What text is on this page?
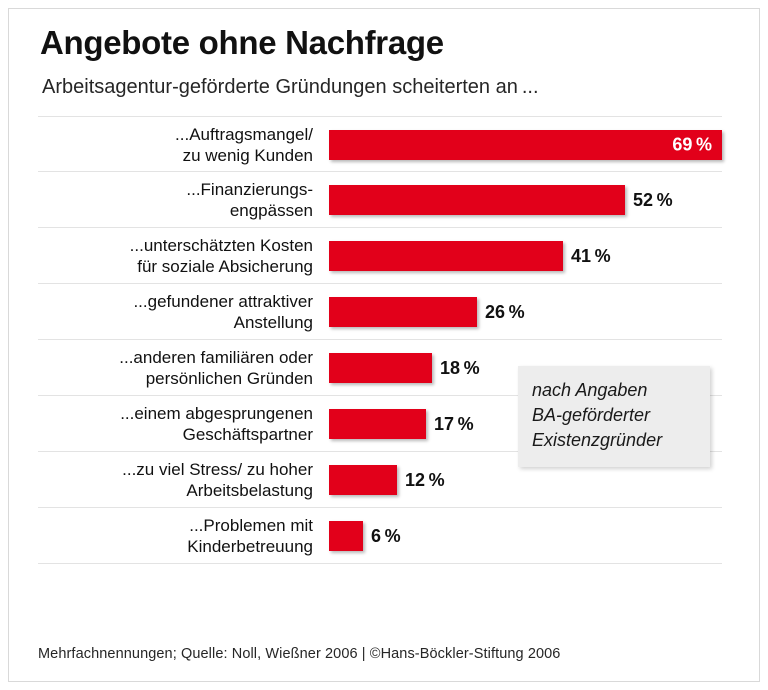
Angebote ohne Nachfrage
Arbeitsagentur-geförderte Gründungen scheiterten an ...
...Auftragsmangel/
zu wenig Kunden
69 %
...Finanzierungs-
engpässen
52 %
...unterschätzten Kosten
für soziale Absicherung
41 %
...gefundener attraktiver
Anstellung
26 %
...anderen familiären oder
persönlichen Gründen
18 %
...einem abgesprungenen
Geschäftspartner
17 %
...zu viel Stress/ zu hoher
Arbeitsbelastung
12 %
...Problemen mit
Kinderbetreuung
6 %
nach Angaben
BA-geförderter
Existenzgründer
Mehrfachnennungen; Quelle: Noll, Wießner 2006 | ©Hans-Böckler-Stiftung 2006
